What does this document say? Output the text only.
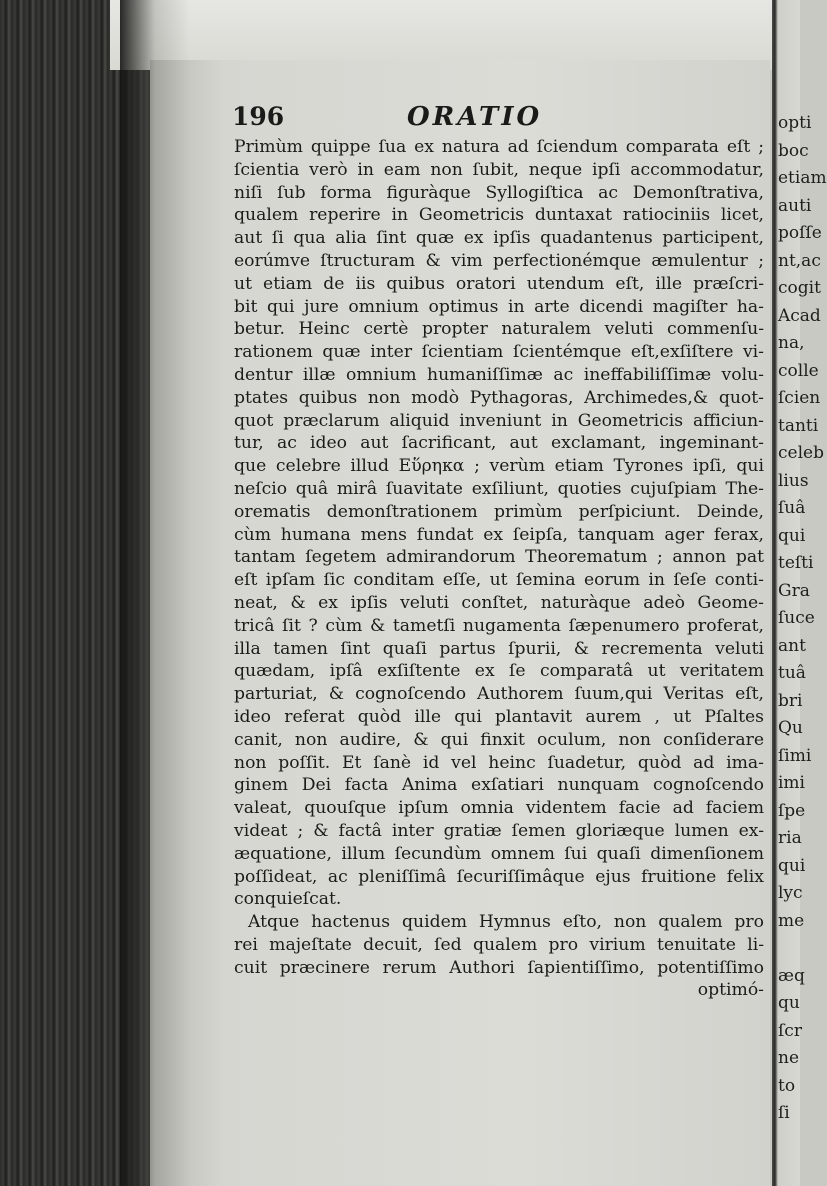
196	ORATIO
Primùm quippe ſua ex natura ad ſciendum comparata eſt ;
ſcientia verò in eam non ſubit, neque ipſi accommodatur,
niſi ſub forma figuràque Syllogiſtica ac Demonſtrativa,
qualem reperire in Geometricis duntaxat ratiociniis licet,
aut ſi qua alia ſint quæ ex ipſis quadantenus participent,
eorúmve ſtructuram & vim perfectionémque æmulentur ;
ut etiam de iis quibus oratori utendum eſt, ille præſcri-
bit qui jure omnium optimus in arte dicendi magiſter ha-
betur. Heinc certè propter naturalem veluti commenſu-
rationem quæ inter ſcientiam ſcientémque eſt,exſiſtere vi-
dentur illæ omnium humaniſſimæ ac ineffabiliſſimæ volu-
ptates quibus non modò Pythagoras, Archimedes,& quot-
quot præclarum aliquid inveniunt in Geometricis afficiun-
tur, ac ideo aut ſacrificant, aut exclamant, ingeminant-
que celebre illud Εὕρηκα ; verùm etiam Tyrones ipſi, qui
neſcio quâ mirâ ſuavitate exſiliunt, quoties cujuſpiam The-
orematis demonſtrationem primùm perſpiciunt. Deinde,
cùm humana mens fundat ex ſeipſa, tanquam ager ferax,
tantam ſegetem admirandorum Theorematum ; annon pat
eſt ipſam ſic conditam eſſe, ut ſemina eorum in ſeſe conti-
neat, & ex ipſis veluti conſtet, naturàque adeò Geome-
tricâ ſit ? cùm & tametſi nugamenta ſæpenumero proferat,
illa tamen ſint quaſi partus ſpurii, & recrementa veluti
quædam, ipſâ exſiſtente ex ſe comparatâ ut veritatem
parturiat, & cognoſcendo Authorem ſuum,qui Veritas eſt,
ideo referat quòd ille qui plantavit aurem , ut Pſaltes
canit, non audire, & qui finxit oculum, non conſiderare
non poſſit. Et ſanè id vel heinc ſuadetur, quòd ad ima-
ginem Dei facta Anima exſatiari nunquam cognoſcendo
valeat, quouſque ipſum omnia videntem facie ad faciem
videat ; & factâ inter gratiæ ſemen gloriæque lumen ex-
æquatione, illum ſecundùm omnem ſui quaſi dimenſionem
poſſideat, ac pleniſſimâ ſecuriſſimâque ejus fruitione felix
conquieſcat.
Atque hactenus quidem Hymnus eſto, non qualem pro
rei majeſtate decuit, ſed qualem pro virium tenuitate li-
cuit præcinere rerum Authori ſapientiſſimo, potentiſſimo
optimó-
opti
boc
etiam
auti
poſſe
nt,ac
cogit
Acad
na,
colle
ſcien
tanti
celeb
lius
ſuâ
qui
teſti
Gra
ſuce
ant
tuâ
bri
Qu
ſimi
imi
ſpe
ria
qui
lyc
me
æq
qu
ſcr
ne
to
ſi
